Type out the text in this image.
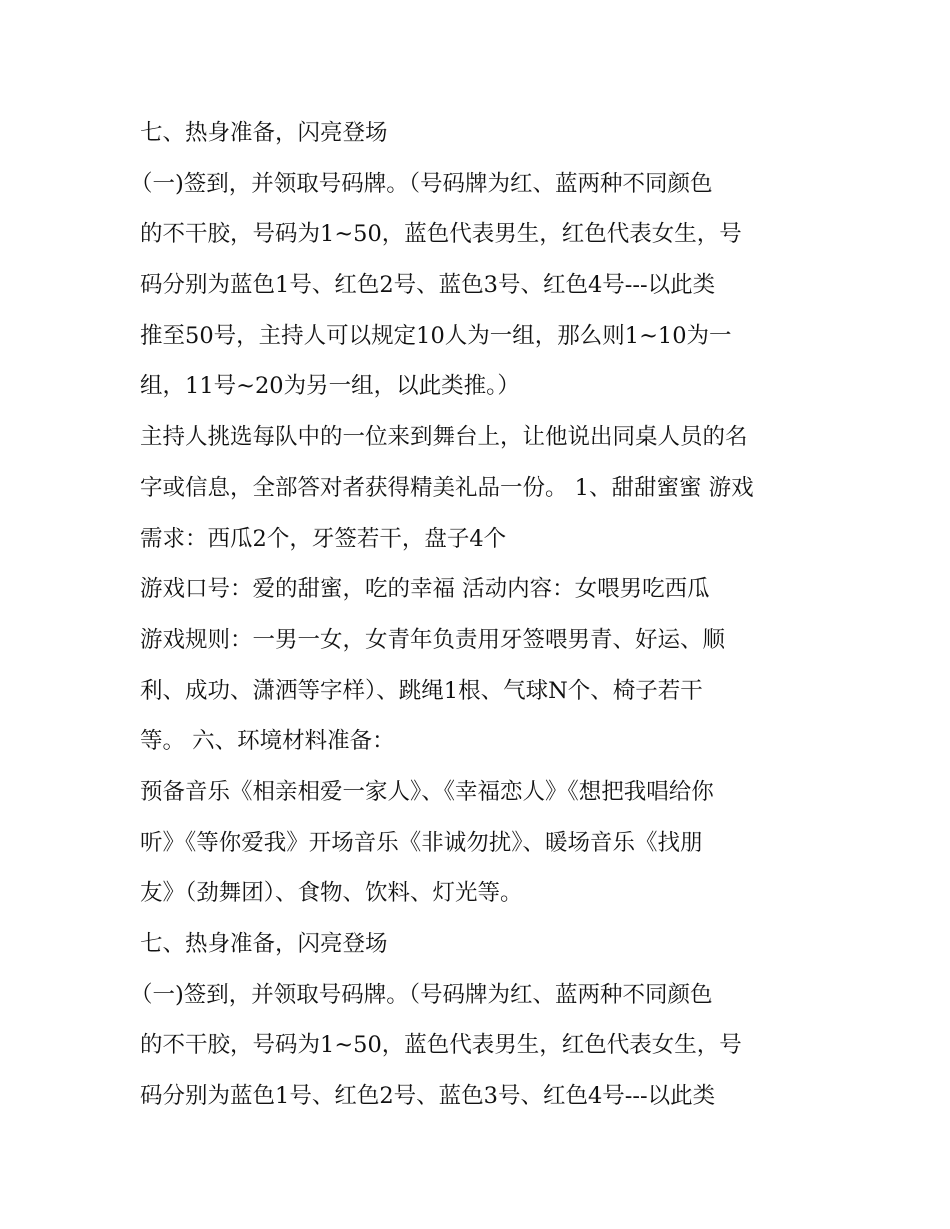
七、热身准备，闪亮登场
（一)签到，并领取号码牌。（号码牌为红、蓝两种不同颜色
的不干胶，号码为1~50，蓝色代表男生，红色代表女生，号
码分别为蓝色1号、红色2号、蓝色3号、红色4号---以此类
推至50号，主持人可以规定10人为一组，那么则1~10为一
组，11号~20为另一组，以此类推。）
主持人挑选每队中的一位来到舞台上，让他说出同桌人员的名
字或信息，全部答对者获得精美礼品一份。 1、甜甜蜜蜜 游戏
需求：西瓜2个，牙签若干，盘子4个
游戏口号：爱的甜蜜，吃的幸福 活动内容：女喂男吃西瓜
游戏规则：一男一女，女青年负责用牙签喂男青、好运、顺
利、成功、潇洒等字样）、跳绳1根、气球N个、椅子若干
等。 六、环境材料准备：
预备音乐《相亲相爱一家人》、《幸福恋人》《想把我唱给你
听》《等你爱我》开场音乐《非诚勿扰》、暖场音乐《找朋
友》（劲舞团）、食物、饮料、灯光等。
七、热身准备，闪亮登场
（一)签到，并领取号码牌。（号码牌为红、蓝两种不同颜色
的不干胶，号码为1~50，蓝色代表男生，红色代表女生，号
码分别为蓝色1号、红色2号、蓝色3号、红色4号---以此类
